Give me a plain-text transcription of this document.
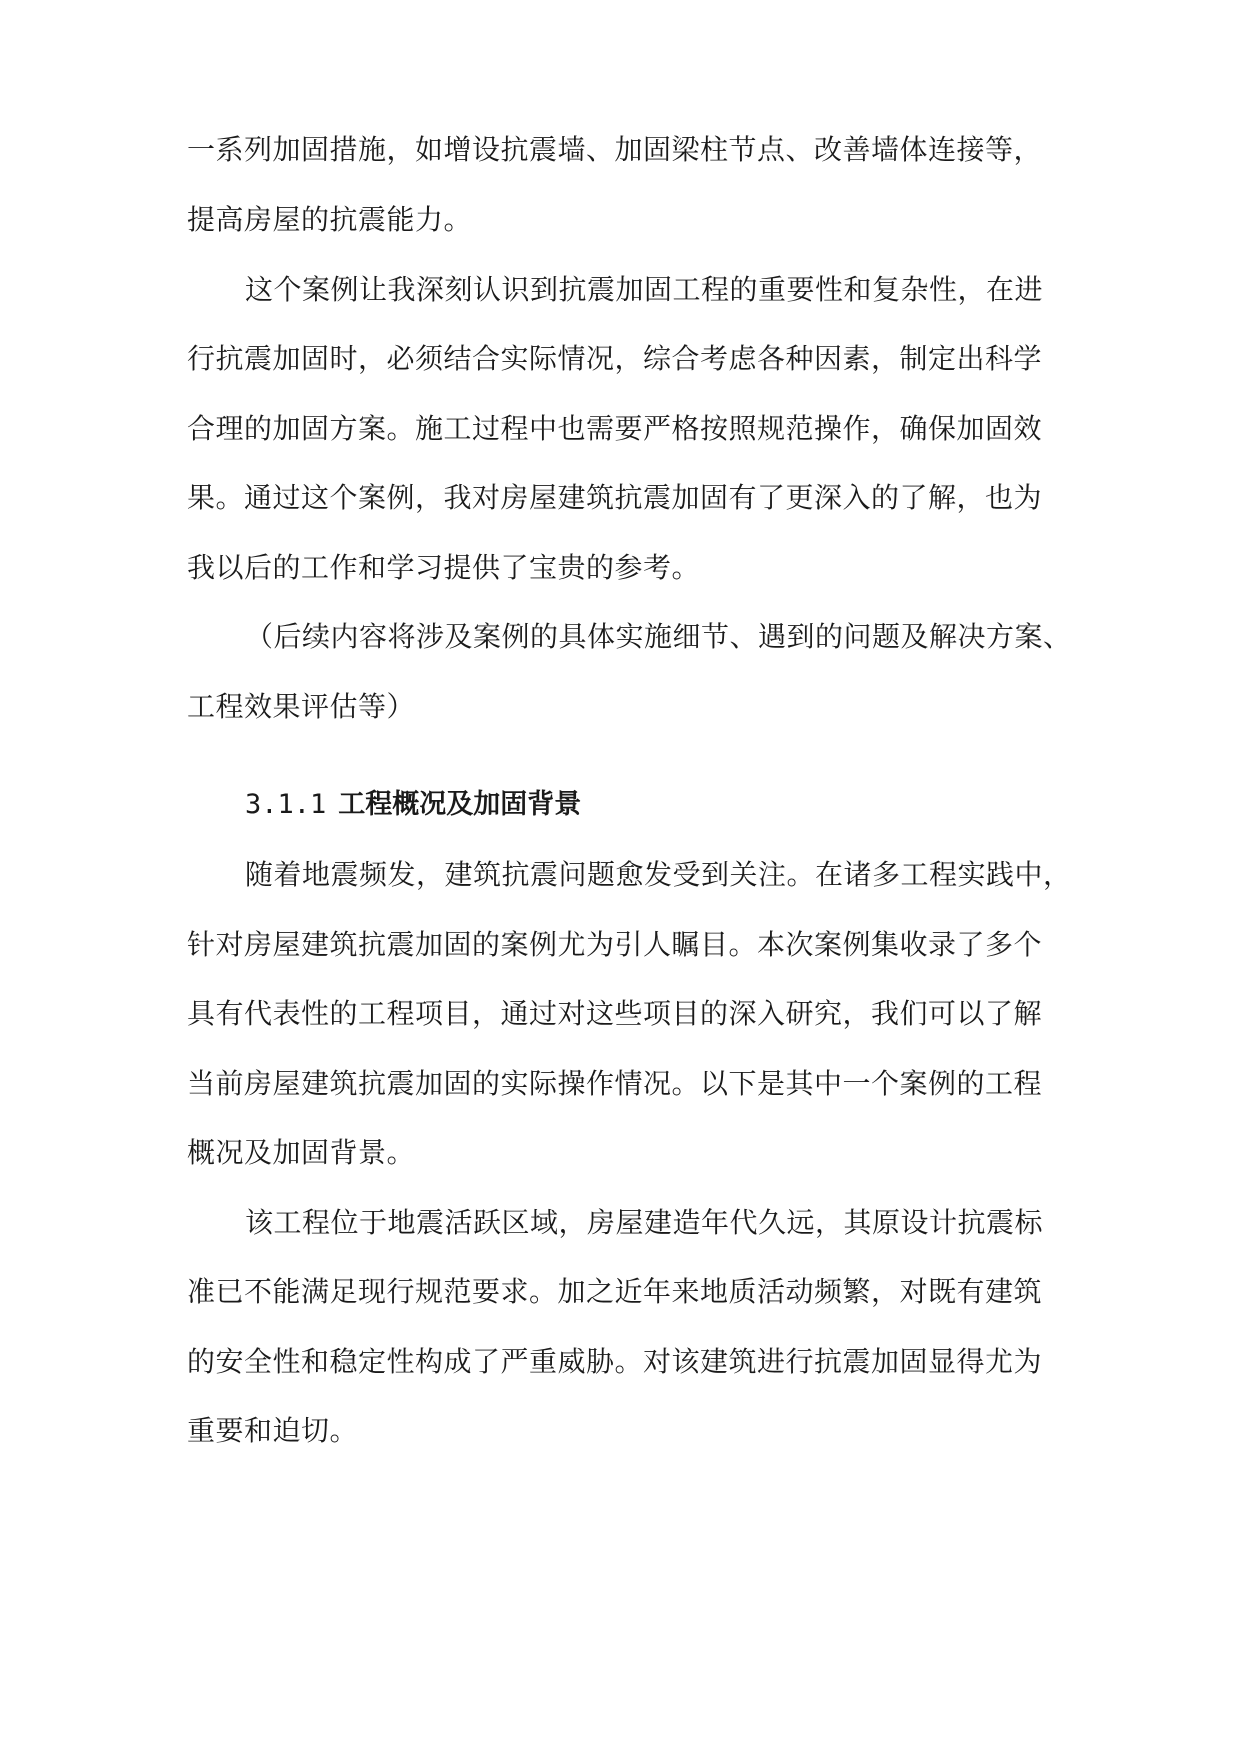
一系列加固措施，如增设抗震墙、加固梁柱节点、改善墙体连接等，
提高房屋的抗震能力。
这个案例让我深刻认识到抗震加固工程的重要性和复杂性，在进
行抗震加固时，必须结合实际情况，综合考虑各种因素，制定出科学
合理的加固方案。施工过程中也需要严格按照规范操作，确保加固效
果。通过这个案例，我对房屋建筑抗震加固有了更深入的了解，也为
我以后的工作和学习提供了宝贵的参考。
（后续内容将涉及案例的具体实施细节、遇到的问题及解决方案、
工程效果评估等）
3.1.1 工程概况及加固背景
随着地震频发，建筑抗震问题愈发受到关注。在诸多工程实践中，
针对房屋建筑抗震加固的案例尤为引人瞩目。本次案例集收录了多个
具有代表性的工程项目，通过对这些项目的深入研究，我们可以了解
当前房屋建筑抗震加固的实际操作情况。以下是其中一个案例的工程
概况及加固背景。
该工程位于地震活跃区域，房屋建造年代久远，其原设计抗震标
准已不能满足现行规范要求。加之近年来地质活动频繁，对既有建筑
的安全性和稳定性构成了严重威胁。对该建筑进行抗震加固显得尤为
重要和迫切。
